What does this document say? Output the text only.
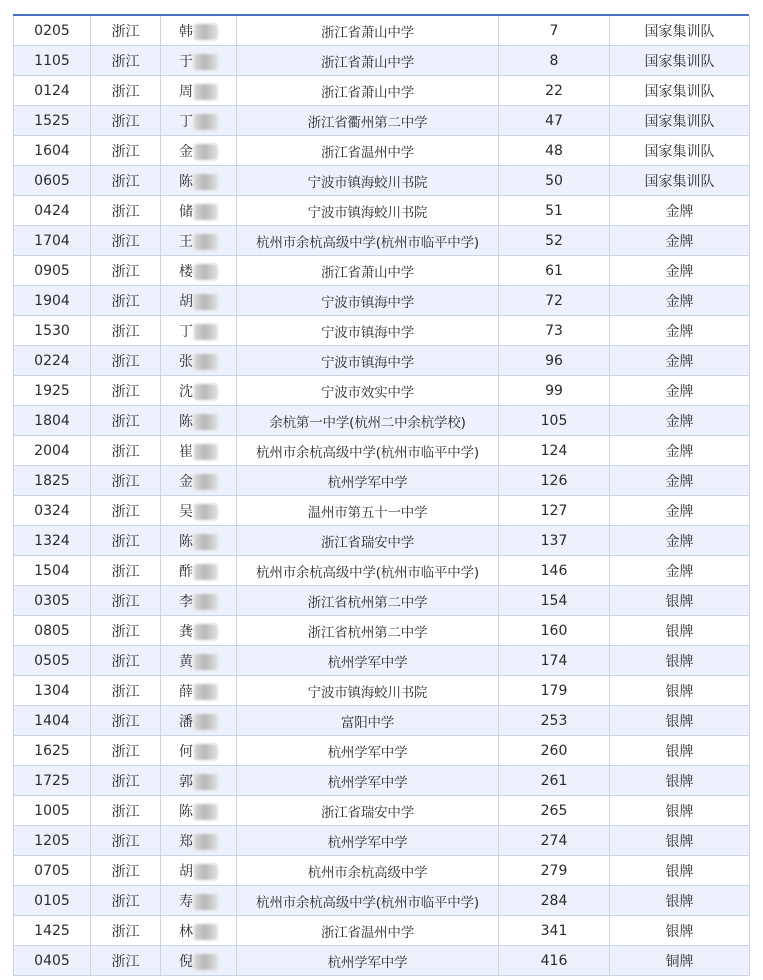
0205	浙江	韩	浙江省萧山中学	7	国家集训队
1105	浙江	于	浙江省萧山中学	8	国家集训队
0124	浙江	周	浙江省萧山中学	22	国家集训队
1525	浙江	丁	浙江省衢州第二中学	47	国家集训队
1604	浙江	金	浙江省温州中学	48	国家集训队
0605	浙江	陈	宁波市镇海蛟川书院	50	国家集训队
0424	浙江	储	宁波市镇海蛟川书院	51	金牌
1704	浙江	王	杭州市余杭高级中学(杭州市临平中学)	52	金牌
0905	浙江	楼	浙江省萧山中学	61	金牌
1904	浙江	胡	宁波市镇海中学	72	金牌
1530	浙江	丁	宁波市镇海中学	73	金牌
0224	浙江	张	宁波市镇海中学	96	金牌
1925	浙江	沈	宁波市效实中学	99	金牌
1804	浙江	陈	余杭第一中学(杭州二中余杭学校)	105	金牌
2004	浙江	崔	杭州市余杭高级中学(杭州市临平中学)	124	金牌
1825	浙江	金	杭州学军中学	126	金牌
0324	浙江	吴	温州市第五十一中学	127	金牌
1324	浙江	陈	浙江省瑞安中学	137	金牌
1504	浙江	酢	杭州市余杭高级中学(杭州市临平中学)	146	金牌
0305	浙江	李	浙江省杭州第二中学	154	银牌
0805	浙江	龚	浙江省杭州第二中学	160	银牌
0505	浙江	黄	杭州学军中学	174	银牌
1304	浙江	薛	宁波市镇海蛟川书院	179	银牌
1404	浙江	潘	富阳中学	253	银牌
1625	浙江	何	杭州学军中学	260	银牌
1725	浙江	郭	杭州学军中学	261	银牌
1005	浙江	陈	浙江省瑞安中学	265	银牌
1205	浙江	郑	杭州学军中学	274	银牌
0705	浙江	胡	杭州市余杭高级中学	279	银牌
0105	浙江	寿	杭州市余杭高级中学(杭州市临平中学)	284	银牌
1425	浙江	林	浙江省温州中学	341	银牌
0405	浙江	倪	杭州学军中学	416	铜牌
